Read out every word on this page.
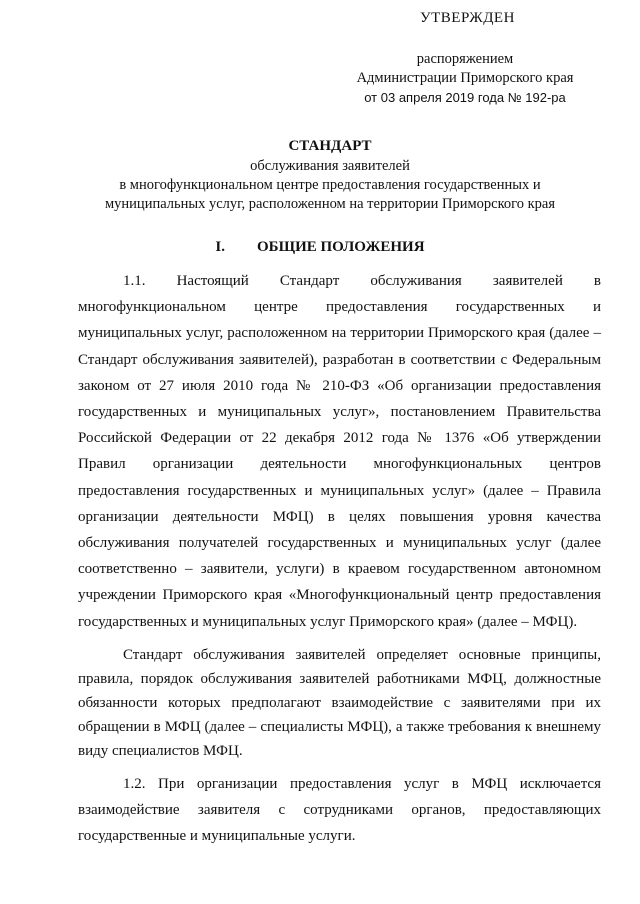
УТВЕРЖДЕН
распоряжением
Администрации Приморского края
от 03 апреля 2019 года № 192-ра
СТАНДАРТ
обслуживания заявителей
в многофункциональном центре предоставления государственных и
муниципальных услуг, расположенном на территории Приморского края
I. ОБЩИЕ ПОЛОЖЕНИЯ

1.1. Настоящий Стандарт обслуживания заявителей в многофункциональном центре предоставления государственных и муниципальных услуг, расположенном на территории Приморского края (далее – Стандарт обслуживания заявителей), разработан в соответствии с Федеральным законом от 27 июля 2010 года № 210-ФЗ «Об организации предоставления государственных и муниципальных услуг», постановлением Правительства Российской Федерации от 22 декабря 2012 года № 1376 «Об утверждении Правил организации деятельности многофункциональных центров предоставления государственных и муниципальных услуг» (далее – Правила организации деятельности МФЦ) в целях повышения уровня качества обслуживания получателей государственных и муниципальных услуг (далее соответственно – заявители, услуги) в краевом государственном автономном учреждении Приморского края «Многофункциональный центр предоставления государственных и муниципальных услуг Приморского края» (далее – МФЦ).

Стандарт обслуживания заявителей определяет основные принципы, правила, порядок обслуживания заявителей работниками МФЦ, должностные обязанности которых предполагают взаимодействие с заявителями при их обращении в МФЦ (далее – специалисты МФЦ), а также требования к внешнему виду специалистов МФЦ.

1.2. При организации предоставления услуг в МФЦ исключается взаимодействие заявителя с сотрудниками органов, предоставляющих государственные и муниципальные услуги.
